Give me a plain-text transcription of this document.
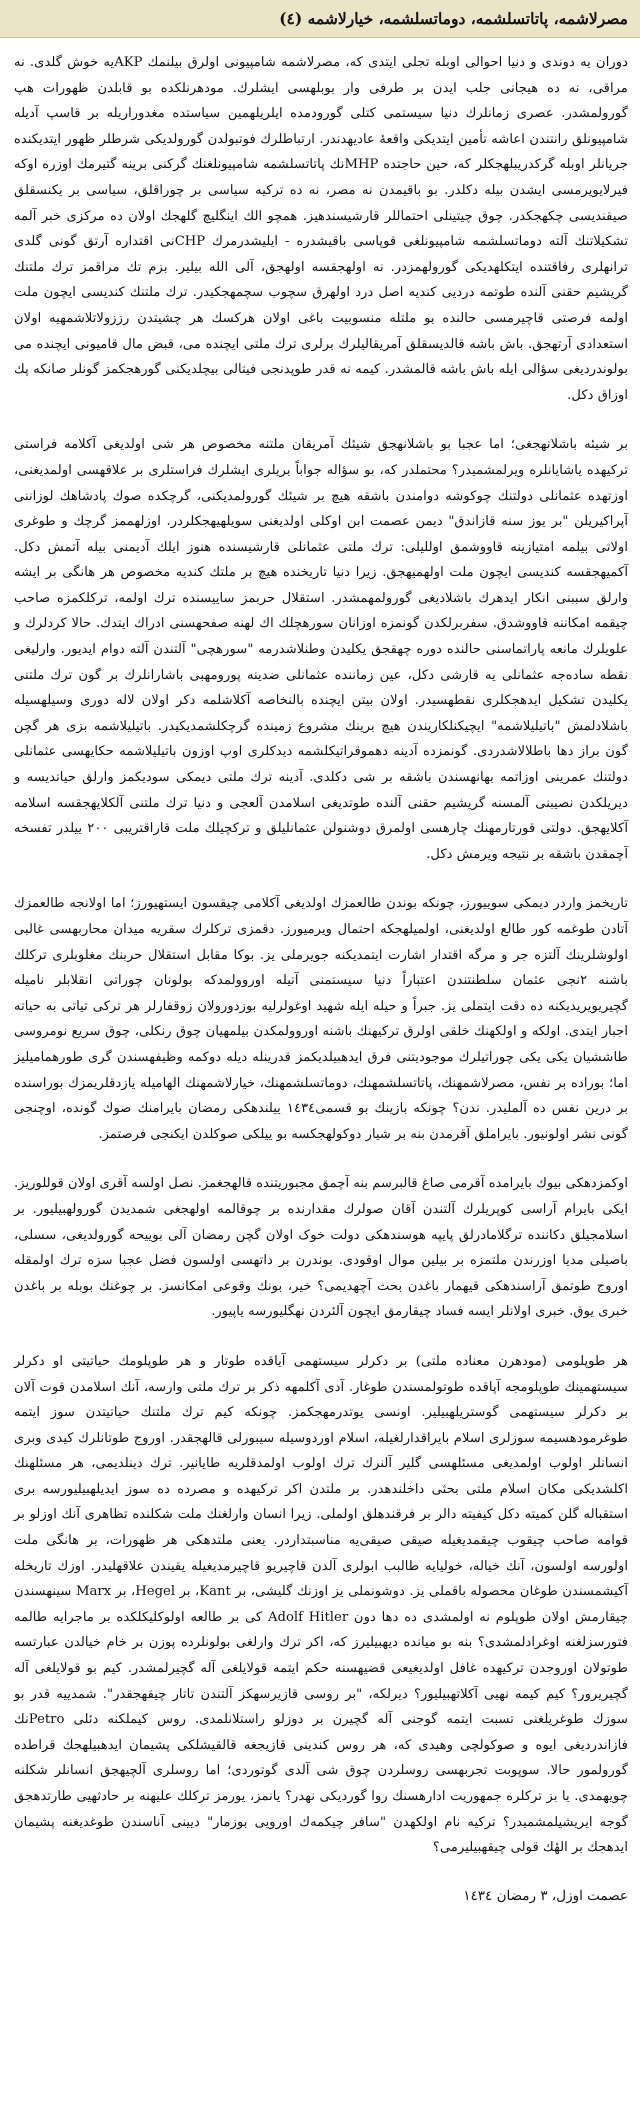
مصرلاشمه، پاتاتسلشمه، دوماتسلشمه، خیارلاشمه (٤)

دوران یه دوندی و دنیا احوالی اوبله تجلی ایتدی که، مصرلاشمه شامپیونی اولرق بیلنمك AKPیه خوش گلدی. نه مراقی، نه ده هیجانی جلب ایدن بر طرفی وار بوبلهسی ایشلرك. مودهرنلکده بو قابلدن ظهورات هپ گورولمشدر. عصری زمانلرك دنیا سیستمی کتلی گورودمده ایلریلهمین سیاستده مغدوراریله بر قاسپ آدیله شامپیونلق رانتندن اعاشه تأمین ایتدیکی واقعهٔ عادیهدندر. ارتباطلرك فوتبولدن گورولدیکی شرطلر ظهور ایتدیکنده جریانلر اوبله گرکدریبلهجکلر که، حین حاجتده MHPنك پاتاتسلشمه شامپیونلغنك گرکنی برینه گتیرمك اوزره اوکه فیرلایویرمسی ایشدن بیله دکلدر. بو باقیمدن نه مصر، نه ده ترکیه سیاسی بر چوراقلق، سیاسی بر یکنسقلق صیقندیسی چکهجکدر. چوق چیتینلی احتماللر قارشیسندهیز. همچو الك اینگلیچ گلهجك اولان ده مرکزی خبر آلمه تشکیلاتنك آلته دوماتسلشمه شامپیونلغی قوپاسی باقیشدره - ایلیشدرمرك CHPنی اقتداره آرتق گونی گلدی ترانهلری رفاقتنده ایتکلهدیکی گورولهمزدر. نه اولهجقسه اولهجق، آلی الله بیلیر. بزم تك مراقمز ترك ملتنك گریشیم حقنی آلنده طوتمه دردیی کندیه اصل درد اولهرق سچوب سچمهجکیدر. ترك ملتنك کندیسی ایچون ملت اولمه فرصتی قاچیرمسی حالنده بو ملتله منسوبیت باغی اولان هرکسك هر چشیتدن رززولاتلاشمهیه اولان استعدادی آرتهجق. باش باشه قالدیسقلق آمریقالیلرك برلری ترك ملتی ایچنده می، قبض مال قامیونی ایچنده می بولوندردیغی سؤالی ایله باش باشه قالمشدر. کیمه نه قدر طوپدنجی فیتالی بیچلدیکنی گورهجکمز گونلر صانکه پك اوزاق دکل.

بر شیئه باشلانهجغی؛ اما عجبا بو باشلانهجق شیئك آمریقان ملتنه مخصوص هر شی اولدیغی آکلامه فراستی ترکیهده یاشایانلره ویرلمشمیدر؟ محتملدر که، بو سؤاله جواباً بریلری ایشلرك فراستلری بر علاقهسی اولمدیغنی، اوزتهده عثمانلی دولتنك چوکوشه دوامندن باشقه هیچ بر شیئك گورولمدیکنی، گرچکده صوك پادشاهك لوزاننی آپراکیریلن "بر یوز سنه قازاندق" دیمن عصمت ابن اوکلی اولدیغنی سویلهیهجکلردر. اوزلهممز گرچك و طوغری اولاتی بیلمه امتیازینه قاووشمق اوللیلی: ترك ملتی عثمانلی قارشیسنده هنوز ایلك آدیمنی بیله آتمش دکل. آکمیهجقسه کندیسی ایچون ملت اولهمیهجق. زیرا دنیا تاریخنده هیچ بر ملتك کندیه مخصوص هر هانگی بر ایشه وارلق سببنی انکار ایدهرك باشلادیغی گورولمهمشدر. استقلال حربمز ساییسنده ترك اولمه، ترکلکمزه صاحب چیقمه امکاننه قاووشدق. سفربرلکدن گونمزه اوزانان سورهچلك اك لهنه صفحهسنی ادراك ایتدك. حالا کردلرك و علویلرك مانعه پاراتماسنی حالنده دوره چهقجق یکلیدن وطنلاشدرمه "سورهچی" آلتندن آلته دوام ایدیور. وارلیغی نقطه ساده‌جه عثمانلی یه قارشی دکل، عین زماننده عثمانلی ضدینه پورومهبی باشارانلرك بر گون ترك ملتنی یکلیدن تشکیل ایدهجکلری نقطهسیدر. اولان بیتن ایچنده بالنخاصه آکلاشلمه دکر اولان لاله دوری وسیلهسیله باشلادلمش "باتیلیلاشمه" ایچیکنلکاریندن هیچ برینك مشروع زمینده گرچکلشمدیکیدر. باتیلیلاشمه بزی هر گچن گون براز دها باطلالاشدردی. گونمزده آدینه دهموقراتیکلشمه دیدکلری اوپ اوزون باتیلیلاشمه حکایهسی عثمانلی دولتنك عمرینی اوزاتمه بهانهسندن باشقه بر شی دکلدی. آدینه ترك ملتی دیمکی سودیکمز وارلق حیاتدیسه و دیریلکدن نصیبنی آلمسنه گریشیم حقنی آلنده طوتدیغی اسلامدن آلعجی و دنیا ترك ملتنی آلکلایهجقسه اسلامه آکلایهجق. دولتی قورتارمهنك چارهسی اولمرق دوشنولن عثمانلیلق و ترکچیلك ملت قاراقتریبی ٢٠٠ ییلدر تفسخه آچمقدن باشقه بر نتیجه ویرمش دکل.

تاریخمز واردر دیمکی سوییورز، چونکه بوندن طالعمزك اولدیغی آکلامی چیقسون ایستهیورز؛ اما اولانجه طالعمزك آتادن طوغمه کور طالع اولدیغنی، اولمیلهجکه احتمال ویرمیورز. دقمزی ترکلرك سقریه میدان محاربهسی غالبی اولوشلرینك آلتزه جر و مرگه اقتدار اشارت ایتمدیکنه جویرملی یز. بوکا مقابل استقلال حربنك مغلوبلری ترکلك باشنه ٢نجی عثمان سلطنتندن اعتباراً دنیا سیستمنی آتیله اوروولمدکه بولونان چوراتی انقلابلر نامیله گچیریویریدیکنه ده دقت ایتملی یز. جبراً و حیله ایله شهید اوغولرلیه بوزدورولان زوقفارلر هر ترکی تیاتی به حیاته اجبار ایتدی. اولکه و اولکهنك خلقی اولرق ترکیهنك باشنه اوروولمکدن بیلمهیان چوق رنکلی، چوق سریع نومروسی طاششیان یکی یکی چوراتیلرك موجودیتنی فرق ایدهبیلدیکمز قدرینله دیله دوکمه وظیفهسندن گری طورهمامیلیز اما؛ بوراده بر نفس، مصرلاشمهنك، پاتاتسلشمهنك، دوماتسلشمهنك، خیارلاشمهنك الهامیله یازدقلریمزك بوراسنده بر درین نفس ده آلملیدر. ندن؟ چونکه بازینك بو قسمی١٤٣٤ ییلندهکی رمضان بایرامنك صوك گونده، اوچنجی گونی نشر اولونیور. بایراملق آقرمدن بنه بر شیار دوکولهجکسه بو ییلکی صوکلدن ایکنجی فرصتمز.

اوکمزدهکی بیوك بایرامده آقرمی صاغ قالبرسم بنه آچمق مجبوریتنده قالهجغمز. نصل اولسه آقری اولان قوللوریز. ایکی بایرام آراسی کوپریلرك آلتندن آقان صولرك مقدارنده بر چوقالمه اولهجغی شمدیدن گورولهبیلیور. بر اسلامجیلق دکاننده ترگلامادرلق پایپه هوسندهکی دولت خوک اولان گچن رمضان آلی بوییحه گورولدیغی، سسلی، باصیلی مدیا اوزرندن ملتمزه بر بیلین موال اوقودی. بوندرن بر داتهسی اولسون فضل عجبا سزه ترك اولمقله اوروج طوتمق آراسندهکی قیهمار باغدن بحث آچهدیمی؟ خیر، بونك وقوعی امکانسز. بر چوغنك بوبله بر باغدن خبری یوق. خبری اولانلر ایسه فساد چیقارمق ایچون آلئردن نهگلیورسه یاپیور.

هر طوپلومی (مودهرن معناده ملتی) بر دکرلر سیستهمی آیاقده طوتار و هر طوپلومك حیاتیتی او دکرلر سیستهمینك طوپلومجه آپاقده طوتولمسندن طوغار. آدی آکلمهه ذکر بر ترك ملتی وارسه، آنك اسلامدن قوت آلان بر دکرلر سیستهمی گوستریلهبیلیر. اونسی یوتدرمهجکمز. چونکه کیم ترك ملتنك حیاتیتدن سوز ایتمه طوغرمودهسیمه سوزلری اسلام بایراقدارلغیله، اسلام اوردوسیله سیبورلی قالهجقدر. اوروج طوتانلرك کیدی وبری انسانلر اولوب اولمدیغی مسئلهسی گلیر آلنرك ترك اولوب اولمدقلریه طایانیر. ترك دینلدیمی، هر مسئلهنك اکلشدیکی مکان اسلام ملتی بحثی داخلندهدر. بر ملتدن اکر ترکیهده و مصرده ده سوز ایدیلهبیلیورسه بری استقباله گلن کمیته دکل کیفیته دالر بر فرقندهلق اولملی. زیرا انسان وارلغنك ملت شکلنده تظاهری آنك اوزلو بر قوامه صاحب چیقوب چیقمدیغیله صیقی صیقی‌یه مناسبتداردر. یعنی ملتدهکی هر ظهورات، بر هانگی ملت اولورسه اولسون، آنك خیاله، خولیایه طالبب ابولری آلدن قاچیریو قاچیرمدیغیله یقیندن علاقهلیدر. اوزك تاریخله آکیشمسندن طوغان محصوله باقملی یز. دوشونملی یز اوزنك گلیشی، بر Kant، بر Hegel، بر Marx سینهسندن چیقارمش اولان طوپلوم نه اولمشدی ده دها دون Adolf Hitler کی بر طالعه اولوکلیکلکده بر ماجرایه طالمه فتورسزلغنه اوغرادلمشدی؟ بنه بو میانده دیهبیلیرز که، اکر ترك وارلغی بولونلرده پوزن بر خام خیالدن عبارتسه طوتولان اوروجدن ترکیهده غافل اولدیغیعی قضیهسنه حکم ایتمه قولایلغی آله گچیرلمشدر. کیم بو قولایلغی آله گچیریرور؟ کیم کیمه نهیی آکلاتهبیلیور؟ دیرلکه، "بر روسی قازیرسهکز آلتندن تاتار چیقهجقدر". شمدییه قدر بو سوزك طوغریلغنی تسبت ایتمه گوجنی آله گچیرن بر دوزلو راستلانلمدی. روس کیملکنه دئلی Petroنك فازاندردیغی ایوه و صوکولچی وهیدی که، هر روس کندینی قازیجغه قالقیشلکی پشیمان ایدهبیلهجك قراطده گورولمور حالا. سوپوبت تجربهسی روسلردن چوق شی آلدی گوتوردی؛ اما روسلری آلچیهجق انسانلر شکلنه چویهمدی. یا بز ترکلره جمهوریت ادارهسنك روا گوردیکی نهدر؟ یانمز، یورمز ترکلك علیهنه بر حادثهیی طارتدهجق گوجه ایریشیلمشمیدر؟ ترکیه نام اولکهدن "سافر چیکمه‌ك اورویی بوزمار" دیینی آناسندن طوغدیغنه پشیمان ایدهجك بر الهٔك قولی چیقهبیلیرمی؟

عصمت اوزل، ۳ رمضان ١٤٣٤
